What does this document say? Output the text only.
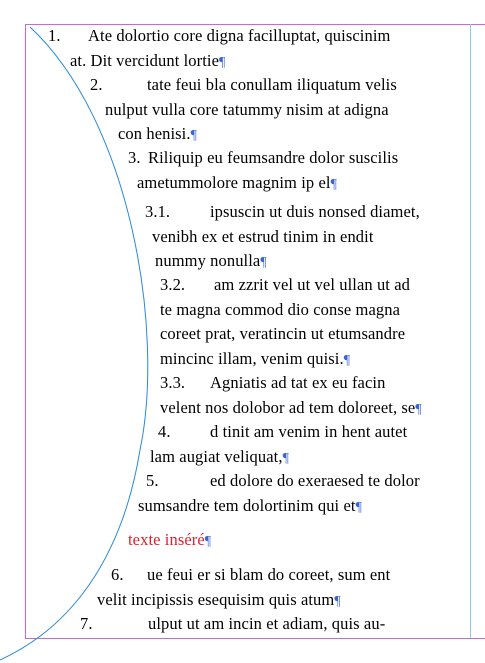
1. Ate dolortio core digna facilluptat, quiscinim
at. Dit vercidunt lortie¶
2.	tate feui bla conullam iliquatum velis
nulput vulla core tatummy nisim at adigna
con henisi.¶
3. Riliquip eu feumsandre dolor suscilis
ametummolore magnim ip el¶
3.1. ipsuscin ut duis nonsed diamet,
venibh ex et estrud tinim in endit
nummy nonulla¶
3.2. am zzrit vel ut vel ullan ut ad
te magna commod dio conse magna
coreet prat, veratincin ut etumsandre
mincinc illam, venim quisi.¶
3.3. Agniatis ad tat ex eu facin
velent nos dolobor ad tem doloreet, se¶
4. d tinit am venim in hent autet
lam augiat veliquat,¶
5.	ed dolore do exeraesed te dolor
sumsandre tem dolortinim qui et¶
texte inséré¶
6. ue feui er si blam do coreet, sum ent
velit incipissis esequisim quis atum¶
7.	ulput ut am incin et adiam, quis au-
